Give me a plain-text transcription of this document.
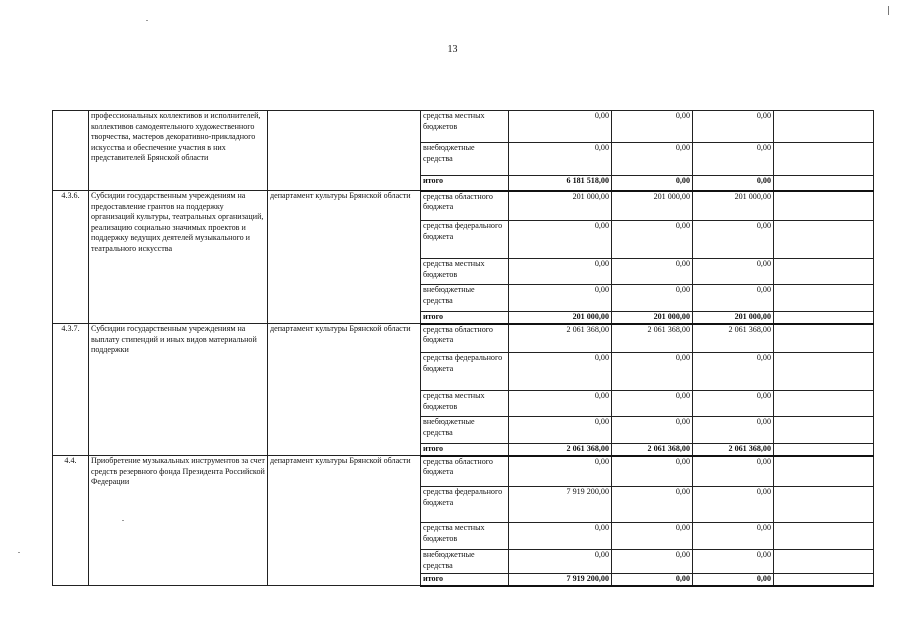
13
	профессиональных коллективов и исполнителей, коллективов самодеятельного художественного творчества, мастеров декоративно-прикладного искусства и обеспечение участия в них представителей Брянской области		средства местных бюджетов	0,00	0,00	0,00	
			внебюджетные средства	0,00	0,00	0,00	
			итого	6 181 518,00	0,00	0,00	
4.3.6.	Субсидии государственным учреждениям на предоставление грантов на поддержку организаций культуры, театральных организаций, реализацию социально значимых проектов и поддержку ведущих деятелей музыкального и театрального искусства	департамент культуры Брянской области	средства областного бюджета	201 000,00	201 000,00	201 000,00	
			средства федерального бюджета	0,00	0,00	0,00	
			средства местных бюджетов	0,00	0,00	0,00	
			внебюджетные средства	0,00	0,00	0,00	
			итого	201 000,00	201 000,00	201 000,00	
4.3.7.	Субсидии государственным учреждениям на выплату стипендий и иных видов материальной поддержки	департамент культуры Брянской области	средства областного бюджета	2 061 368,00	2 061 368,00	2 061 368,00	
			средства федерального бюджета	0,00	0,00	0,00	
			средства местных бюджетов	0,00	0,00	0,00	
			внебюджетные средства	0,00	0,00	0,00	
			итого	2 061 368,00	2 061 368,00	2 061 368,00	
4.4.	Приобретение музыкальных инструментов за счет средств резервного фонда Президента Российской Федерации	департамент культуры Брянской области	средства областного бюджета	0,00	0,00	0,00	
			средства федерального бюджета	7 919 200,00	0,00	0,00	
			средства местных бюджетов	0,00	0,00	0,00	
			внебюджетные средства	0,00	0,00	0,00	
			итого	7 919 200,00	0,00	0,00	
